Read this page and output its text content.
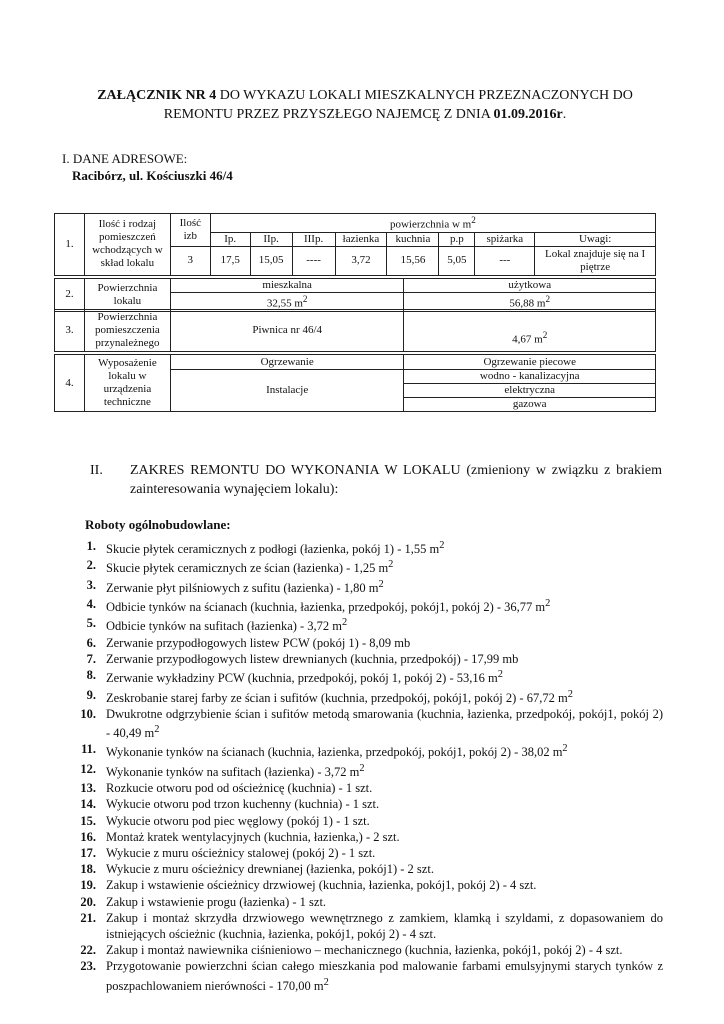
ZAŁĄCZNIK NR 4 DO WYKAZU LOKALI MIESZKALNYCH PRZEZNACZONYCH DO
REMONTU PRZEZ PRZYSZŁEGO NAJEMCĘ Z DNIA 01.09.2016r.
I. DANE ADRESOWE:
Racibórz, ul. Kościuszki 46/4
1.	Ilość i rodzaj pomieszczeń wchodzących w skład lokalu	Ilość izb	powierzchnia w $m^2$
			Ip.	IIp.	IIIp.	łazienka	kuchnia	p.p	spiżarka	Uwagi:
		3	17,5	15,05	----	3,72	15,56	5,05	---	Lokal znajduje się na I piętrze
2.	Powierzchnia lokalu	mieszkalna	użytkowa
		32,55 $m^2$	56,88 $m^2$
3.	Powierzchnia pomieszczenia przynależnego	Piwnica nr 46/4	4,67 $m^2$
4.	Wyposażenie lokalu w urządzenia techniczne	Ogrzewanie	Ogrzewanie piecowe
		Instalacje	wodno - kanalizacyjna
			elektryczna
			gazowa
II. ZAKRES REMONTU DO WYKONANIA W LOKALU (zmieniony w związku z brakiem zainteresowania wynajęciem lokalu):
Roboty ogólnobudowlane:
1. Skucie płytek ceramicznych z podłogi (łazienka, pokój 1) - 1,55 $m^2$
2. Skucie płytek ceramicznych ze ścian (łazienka) - 1,25 $m^2$
3. Zerwanie płyt pilśniowych z sufitu (łazienka) - 1,80 $m^2$
4. Odbicie tynków na ścianach (kuchnia, łazienka, przedpokój, pokój1, pokój 2) - 36,77 $m^2$
5. Odbicie tynków na sufitach (łazienka) - 3,72 $m^2$
6. Zerwanie przypodłogowych listew PCW (pokój 1) - 8,09 mb
7. Zerwanie przypodłogowych listew drewnianych (kuchnia, przedpokój) - 17,99 mb
8. Zerwanie wykładziny PCW (kuchnia, przedpokój, pokój 1, pokój 2) - 53,16 $m^2$
9. Zeskrobanie starej farby ze ścian i sufitów (kuchnia, przedpokój, pokój1, pokój 2) - 67,72 $m^2$
10. Dwukrotne odgrzybienie ścian i sufitów metodą smarowania (kuchnia, łazienka, przedpokój, pokój1, pokój 2) - 40,49 $m^2$
11. Wykonanie tynków na ścianach (kuchnia, łazienka, przedpokój, pokój1, pokój 2) - 38,02 $m^2$
12. Wykonanie tynków na sufitach (łazienka) - 3,72 $m^2$
13. Rozkucie otworu pod od ościeżnicę (kuchnia) - 1 szt.
14. Wykucie otworu pod trzon kuchenny (kuchnia) - 1 szt.
15. Wykucie otworu pod piec węglowy (pokój 1) - 1 szt.
16. Montaż kratek wentylacyjnych (kuchnia, łazienka,) - 2 szt.
17. Wykucie z muru ościeżnicy stalowej (pokój 2) - 1 szt.
18. Wykucie z muru ościeżnicy drewnianej (łazienka, pokój1) - 2 szt.
19. Zakup i wstawienie ościeżnicy drzwiowej (kuchnia, łazienka, pokój1, pokój 2) - 4 szt.
20. Zakup i wstawienie progu (łazienka) - 1 szt.
21. Zakup i montaż skrzydła drzwiowego wewnętrznego z zamkiem, klamką i szyldami, z dopasowaniem do istniejących ościeżnic (kuchnia, łazienka, pokój1, pokój 2) - 4 szt.
22. Zakup i montaż nawiewnika ciśnieniowo – mechanicznego (kuchnia, łazienka, pokój1, pokój 2) - 4 szt.
23. Przygotowanie powierzchni ścian całego mieszkania pod malowanie farbami emulsyjnymi starych tynków z poszpachlowaniem nierówności - 170,00 $m^2$
